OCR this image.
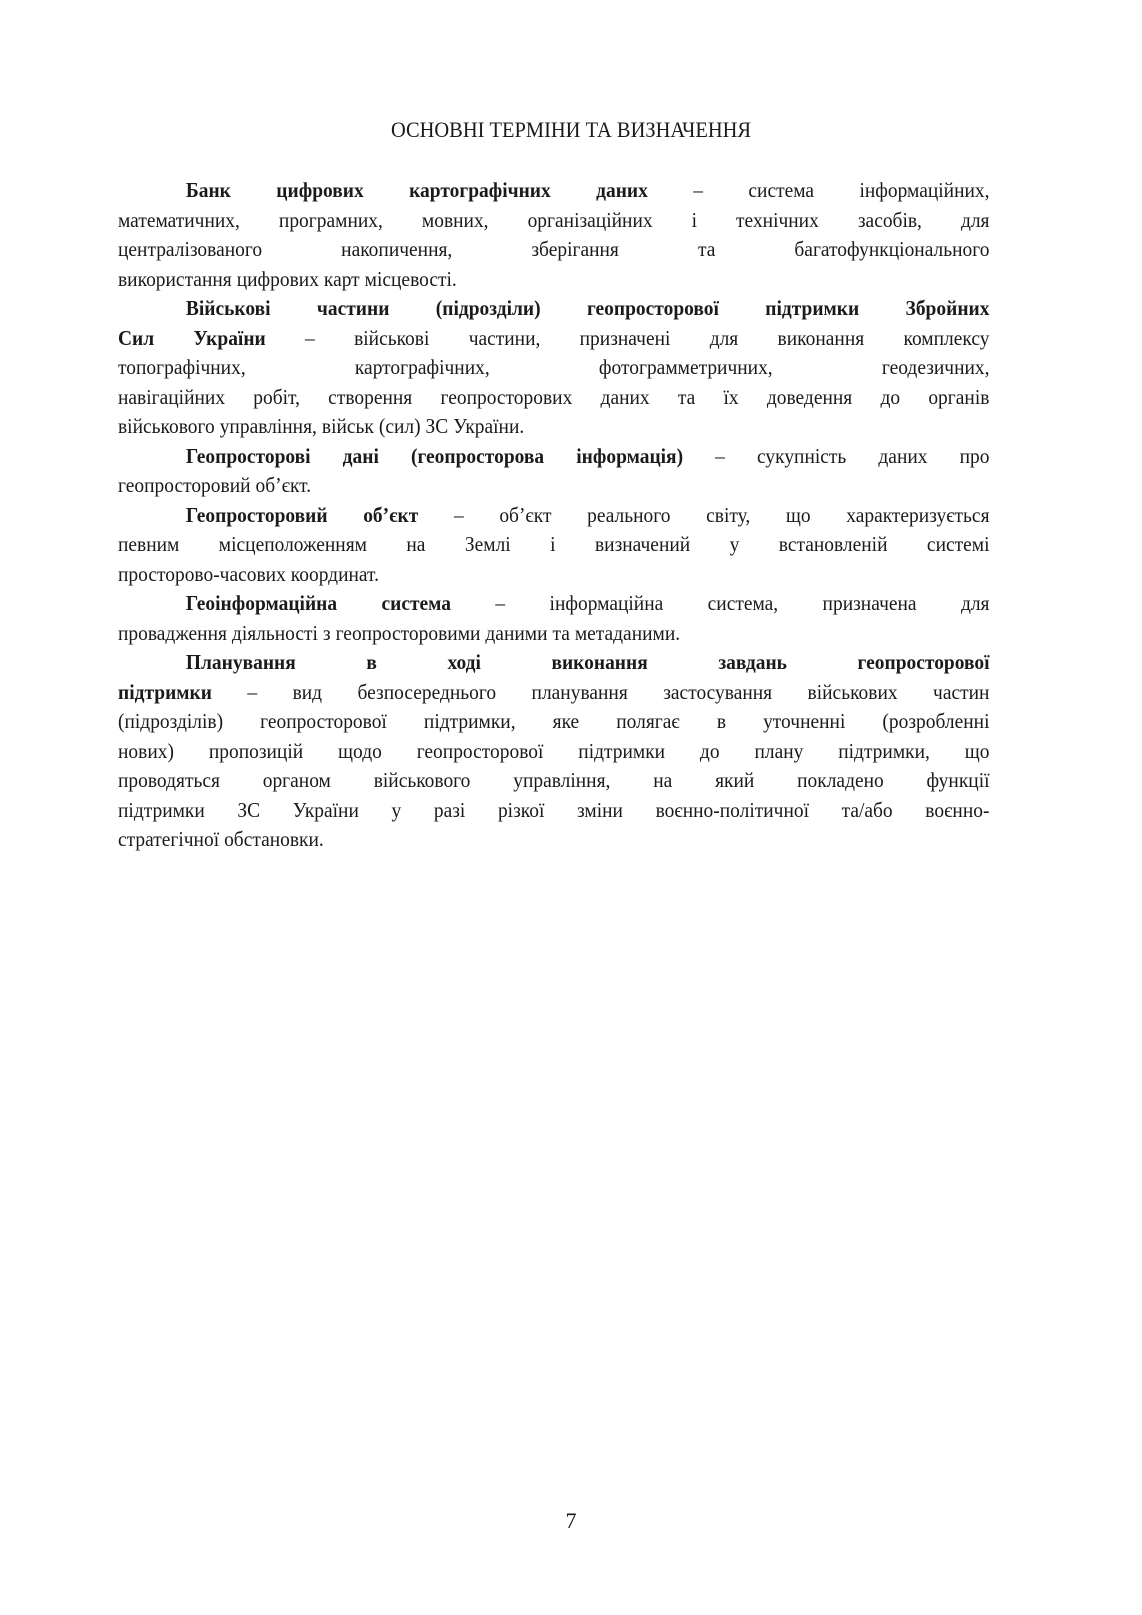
ОСНОВНІ ТЕРМІНИ ТА ВИЗНАЧЕННЯ
Банк цифрових картографічних даних – система інформаційних,
математичних, програмних, мовних, організаційних і технічних засобів, для
централізованого	накопичення,	зберігання	та	багатофункціонального
використання цифрових карт місцевості.
Військові частини (підрозділи) геопросторової підтримки Збройних
Сил України – військові частини, призначені для виконання комплексу
топографічних,	картографічних,	фотограмметричних,	геодезичних,
навігаційних робіт, створення геопросторових даних та їх доведення до органів
військового управління, військ (сил) ЗС України.
Геопросторові дані (геопросторова інформація) – сукупність даних про
геопросторовий об’єкт.
Геопросторовий об’єкт – об’єкт реального світу, що характеризується
певним місцеположенням на Землі і визначений у встановленій системі
просторово-часових координат.
Геоінформаційна система – інформаційна система, призначена для
провадження діяльності з геопросторовими даними та метаданими.
Планування	в	ході	виконання	завдань	геопросторової
підтримки – вид безпосереднього планування застосування військових частин
(підрозділів) геопросторової підтримки, яке полягає в уточненні (розробленні
нових) пропозицій щодо геопросторової підтримки до плану підтримки, що
проводяться органом військового управління, на який покладено функції
підтримки ЗС України у разі різкої зміни воєнно-політичної та/або воєнно-
стратегічної обстановки.
7
